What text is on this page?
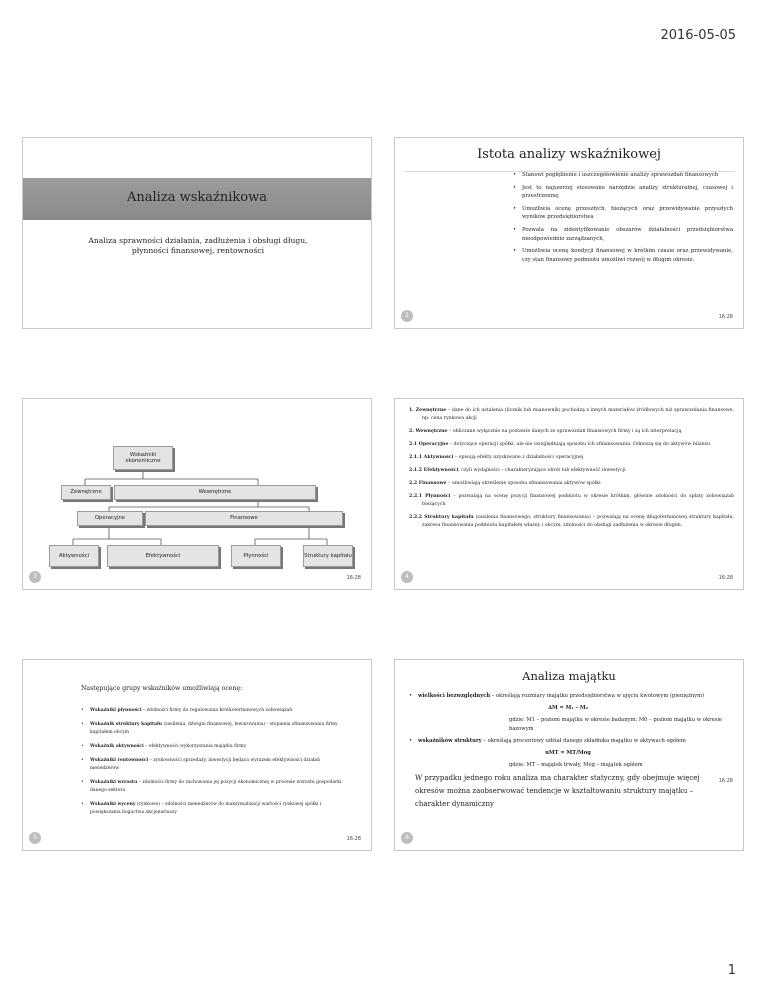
2016-05-05
Analiza wskaźnikowa
Analiza sprawności działania, zadłużenia i obsługi długu, płynności finansowej, rentowności
Istota analizy wskaźnikowej
• Stanowi pogłębienie i uszczegółowienie analizy sprawozdań finansowych
• Jest to najszerzej stosowane narzędzie analizy strukturalnej, czasowej i przestrzennej
• Umożliwia ocenę przeszłych, bieżących oraz przewidywanie przyszłych wyników przedsiębiorstwa
• Pozwala na zidentyfikowanie obszarów działalności przedsiębiorstwa nieodpowiednio zarządzanych,
• Umożliwia ocenę kondycji finansowej w krótkim czasie oraz przewidywanie, czy stan finansowy podmiotu umożliwi rozwój w długim okresie.
2	16:28
Wskaźniki ekonomiczne
Zewnętrzne	Wewnętrzne
Operacyjne	Finansowe
Aktywności	Efektywności	Płynności	Struktury kapitału
3	16:28

1. Zewnętrzne – dane do ich ustalenia (licznik lub mianownik) pochodzą z innych materiałów źródłowych niż sprawozdania finansowe, np. cena rynkowa akcji

2. Wewnętrzne – obliczane wyłącznie na postawie danych ze sprawozdań finansowych firmy i są ich interpretacją

2.1 Operacyjne – dotyczące operacji spółki, ale nie uwzględniają sposobu ich sfinansowania. Odnoszą się do aktywów bilansu

2.1.1 Aktywności – opisują efekty uzyskiwane z działalności operacyjnej

2.1.2 Efektywności, czyli wydajności – charakteryzujące obrót lub efektywność inwestycji

2.2 Finansowe – umożliwiają określenie sposobu sfinansowania aktywów spółki

2.2.1 Płynności – pozwalają na ocenę pozycji finansowej podmiotu w okresie krótkim, głównie zdolności do spłaty zobowiązań bieżących

2.2.2 Struktury kapitału (zasilenia finansowego, struktury finansowania) – pozwalają na ocenę długoterminowej struktury kapitału, zakresu finansowania podmiotu kapitałem własny i obcym, zdolności do obsługi zadłużenia w okresie długim.

4	16:28
Następujące grupy wskaźników umożliwiają ocenę:
• Wskaźniki płynności – zdolności firmy do regulowania krótkoterminowych zobowiązań
• Wskaźnik struktury kapitału (zasilenia, dźwigni finansowej, lewarowania) - stopienia sfinansowania firmy kapitałem obcym
• Wskaźnik aktywności – efektywności wykorzystania majątku firmy
• Wskaźniki rentowności – zyskowności sprzedaży, inwestycji będąca wyrazem efektywności działań menedżerów
• Wskaźniki wzrostu – zdolności firmy do zachowania jej pozycji ekonomicznej w procesie wzrostu gospodarki danego sektora
• Wskaźniki wyceny (rynkowe) – zdolności menedżerów do maksymalizacji wartości rynkowej spółki i powiększania bogactwa akcjonariuszy
5	16:28
Analiza majątku
• wielkości bezwzględnych – określają rozmiary majątku przedsiębiorstwa w ujęciu kwotowym (pieniężnym)

∆M = M₁ – M₀

gdzie: M1 – poziom majątku w okresie badanym; M0 – poziom majątku w okresie bazowym

• wskaźników struktury – określają procentowy udział danego składnika majątku w aktywach ogółem

uMT = MT/Mog

gdzie: MT – majątek trwały, Mog – majątek ogółem

W przypadku jednego roku analiza ma charakter statyczny, gdy obejmuje więcej okresów można zaobserwować tendencje w kształtowaniu struktury majątku – charakter dynamiczny

6
16:28
1
